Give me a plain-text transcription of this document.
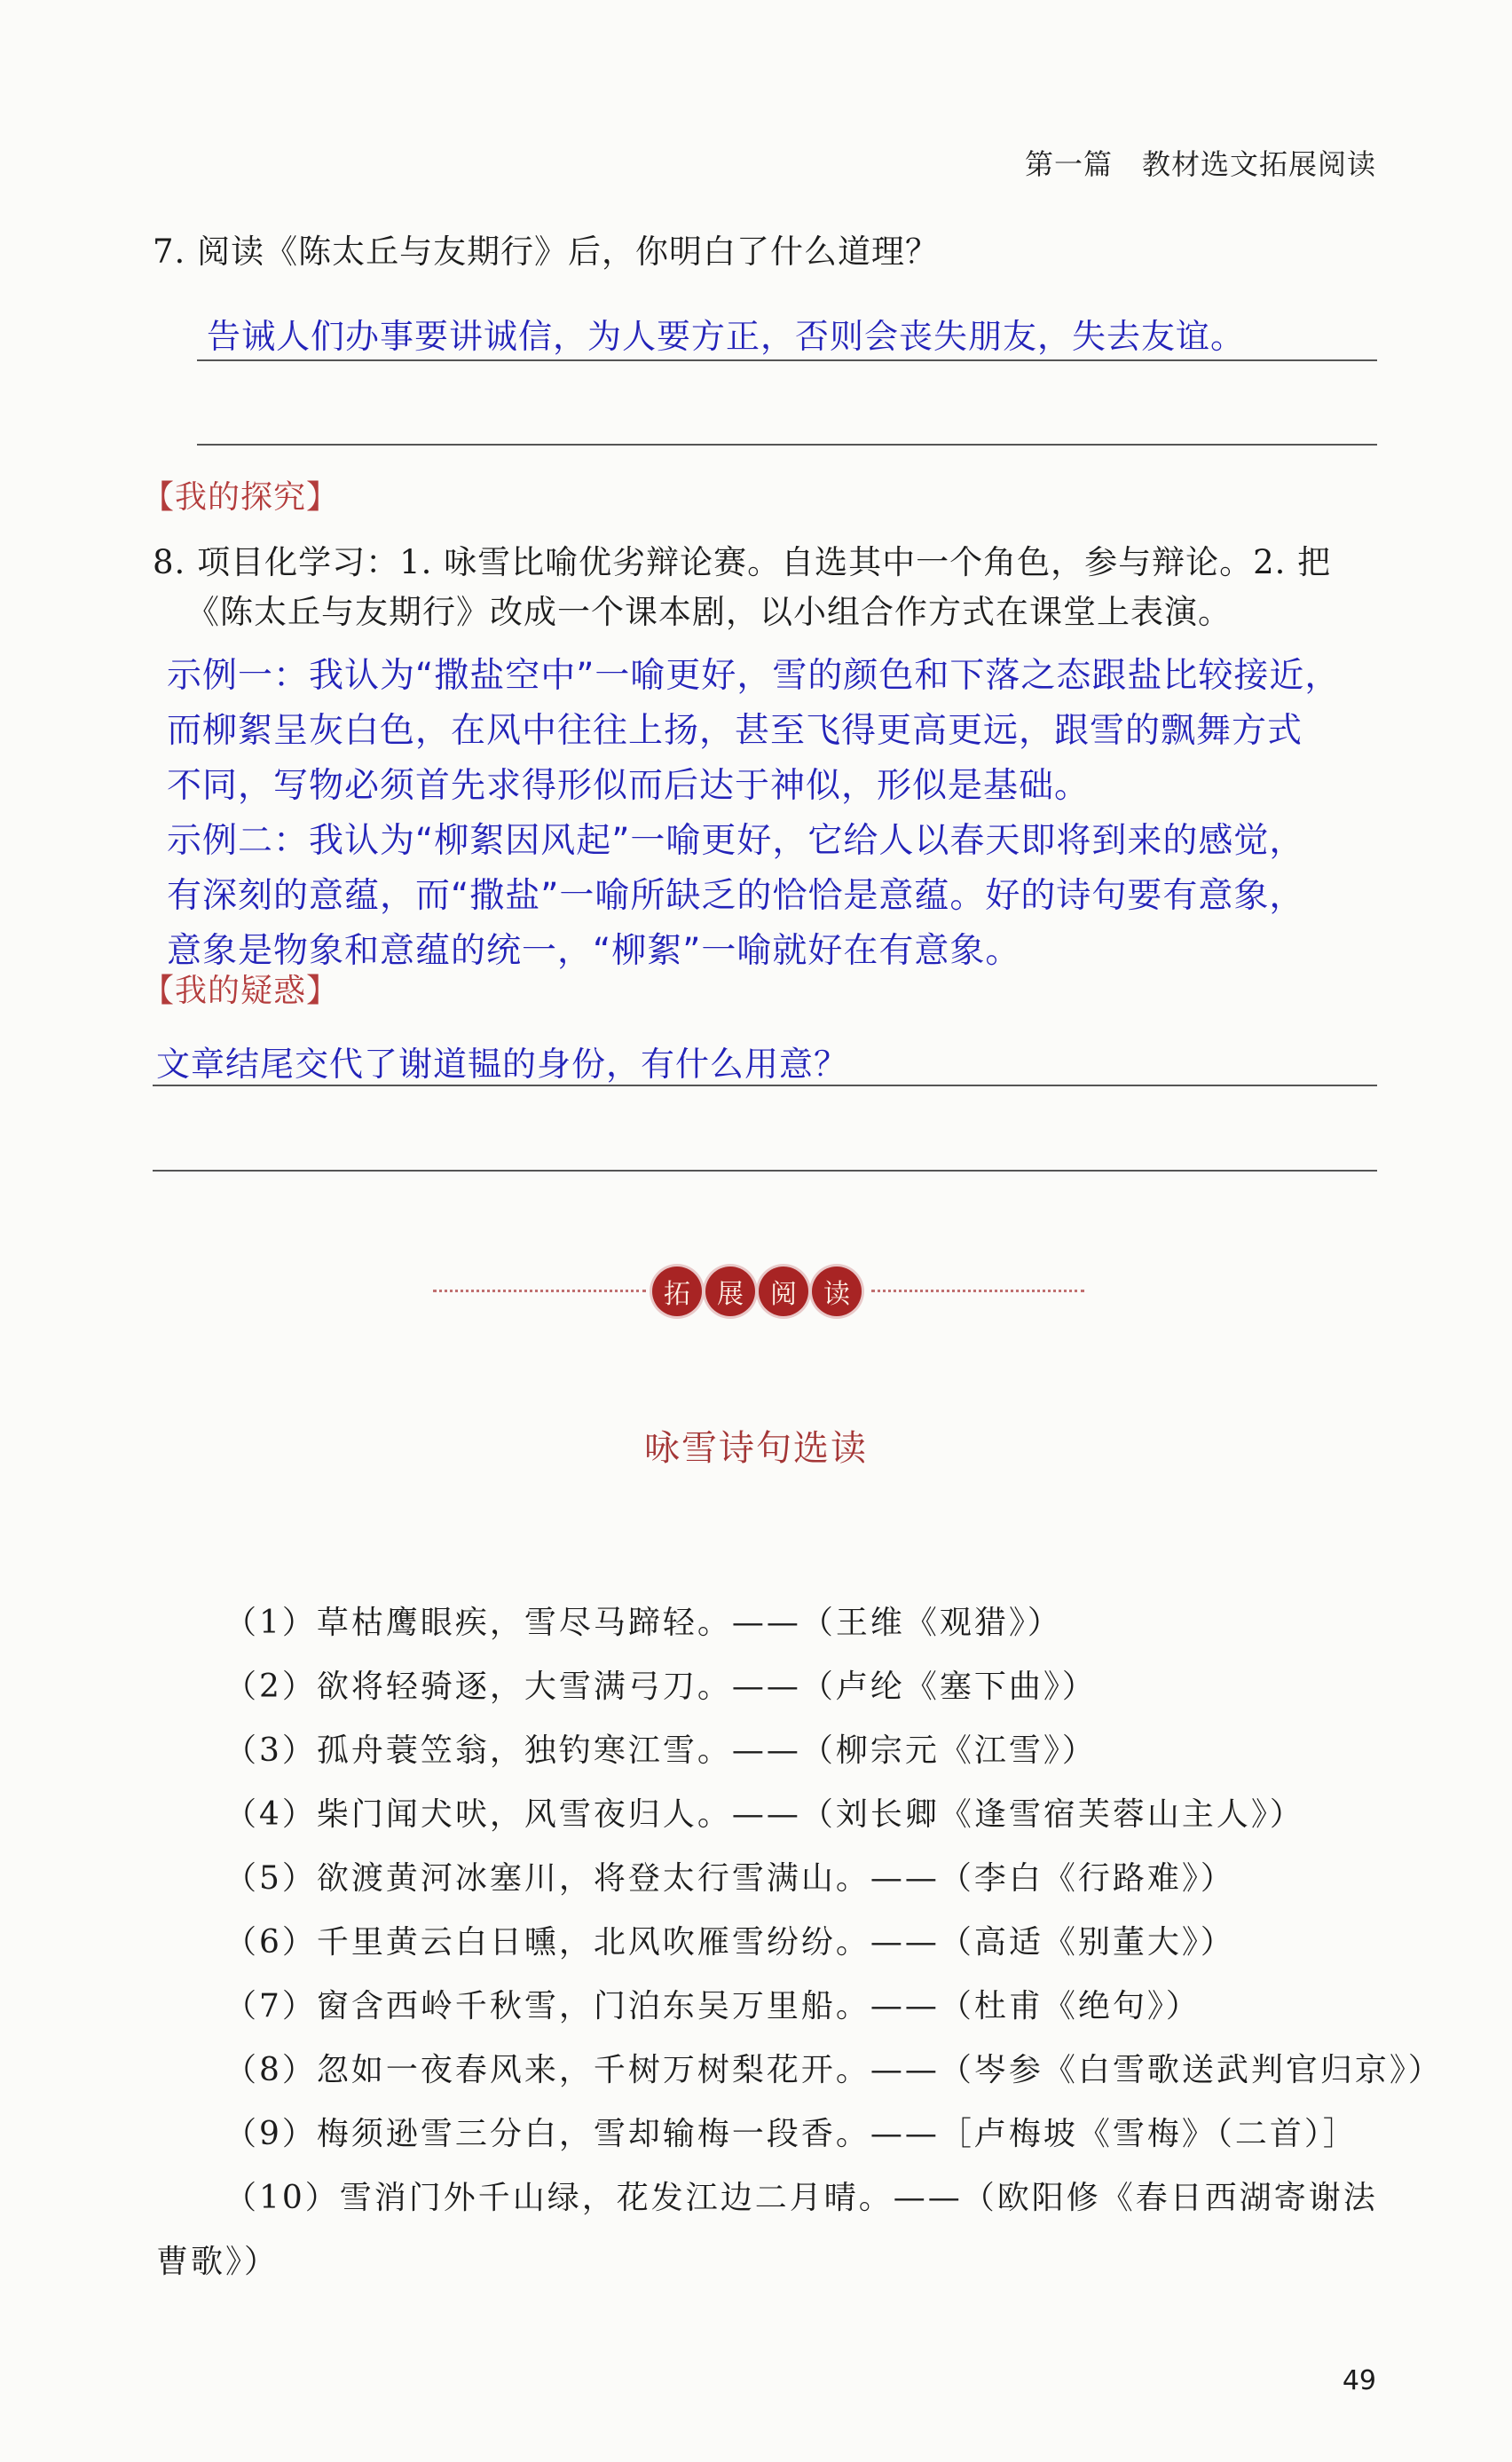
第一篇　教材选文拓展阅读
7. 阅读《陈太丘与友期行》后，你明白了什么道理？
告诫人们办事要讲诚信，为人要方正，否则会丧失朋友，失去友谊。
【我的探究】
8. 项目化学习：1. 咏雪比喻优劣辩论赛。自选其中一个角色，参与辩论。2. 把
《陈太丘与友期行》改成一个课本剧，以小组合作方式在课堂上表演。
示例一：我认为“撒盐空中”一喻更好，雪的颜色和下落之态跟盐比较接近，
而柳絮呈灰白色，在风中往往上扬，甚至飞得更高更远，跟雪的飘舞方式
不同，写物必须首先求得形似而后达于神似，形似是基础。
示例二：我认为“柳絮因风起”一喻更好，它给人以春天即将到来的感觉，
有深刻的意蕴，而“撒盐”一喻所缺乏的恰恰是意蕴。好的诗句要有意象，
意象是物象和意蕴的统一，“柳絮”一喻就好在有意象。
【我的疑惑】
文章结尾交代了谢道韫的身份，有什么用意？
拓	展	阅	读
咏雪诗句选读
（1）草枯鹰眼疾，雪尽马蹄轻。——（王维《观猎》）
（2）欲将轻骑逐，大雪满弓刀。——（卢纶《塞下曲》）
（3）孤舟蓑笠翁，独钓寒江雪。——（柳宗元《江雪》）
（4）柴门闻犬吠，风雪夜归人。——（刘长卿《逢雪宿芙蓉山主人》）
（5）欲渡黄河冰塞川，将登太行雪满山。——（李白《行路难》）
（6）千里黄云白日曛，北风吹雁雪纷纷。——（高适《别董大》）
（7）窗含西岭千秋雪，门泊东吴万里船。——（杜甫《绝句》）
（8）忽如一夜春风来，千树万树梨花开。——（岑参《白雪歌送武判官归京》）
（9）梅须逊雪三分白，雪却输梅一段香。——［卢梅坡《雪梅》（二首）］
（10）雪消门外千山绿，花发江边二月晴。——（欧阳修《春日西湖寄谢法
曹歌》）
49
